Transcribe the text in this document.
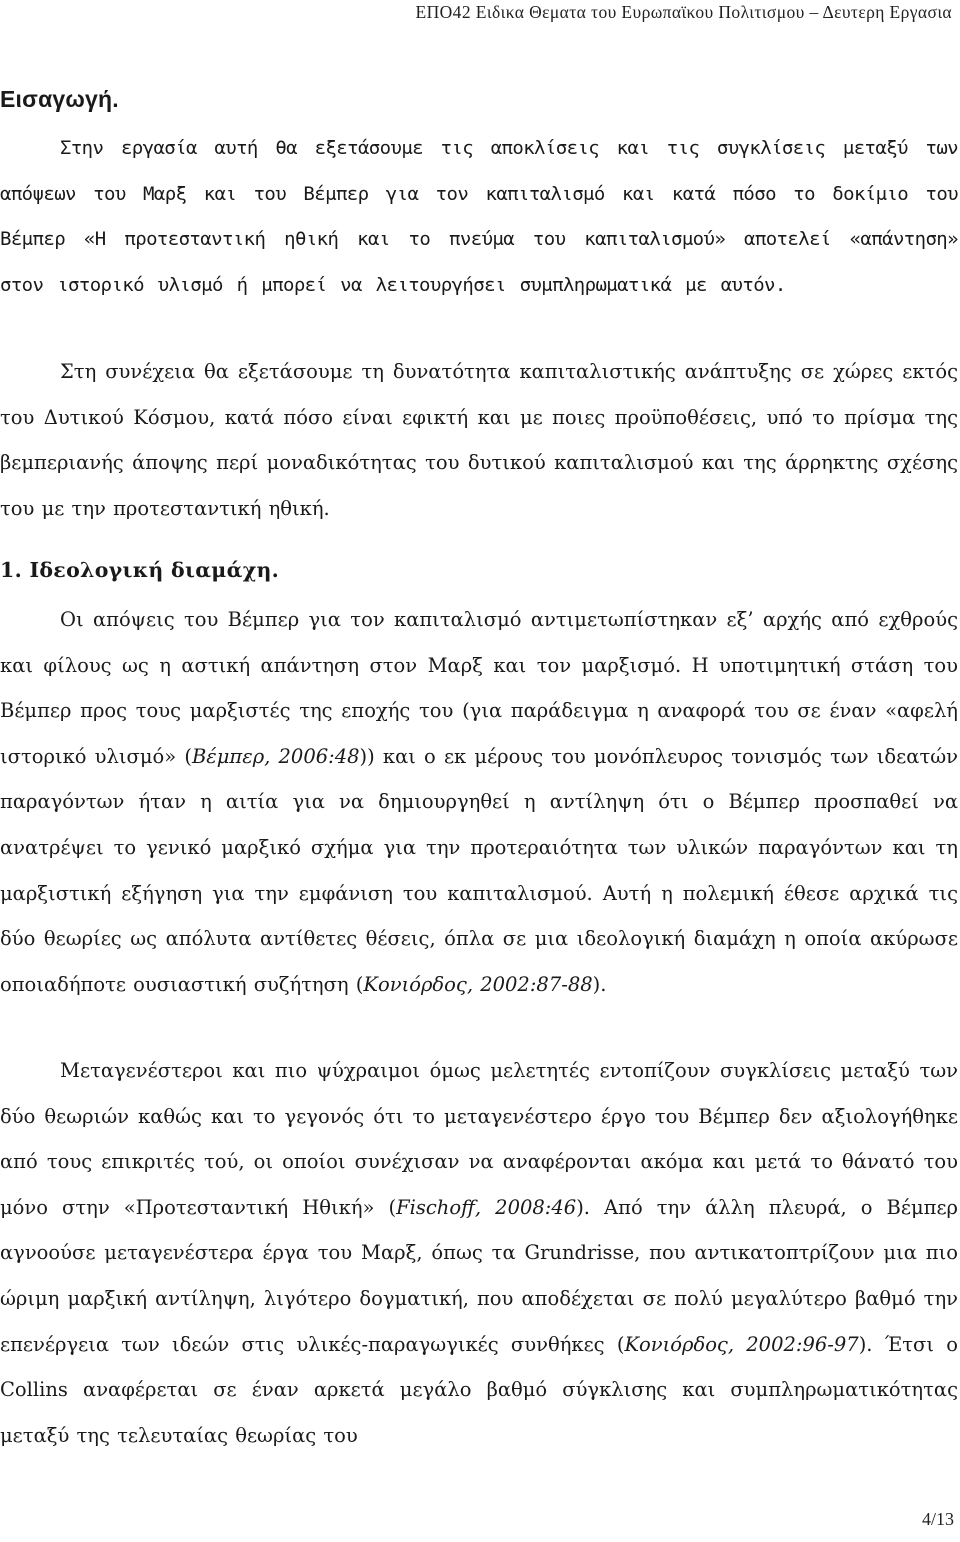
ΕΠΟ42 Ειδικα Θεματα του Ευρωπαϊκου Πολιτισμου – Δευτερη Εργασια
Εισαγωγή.

Στην εργασία αυτή θα εξετάσουμε τις αποκλίσεις και τις συγκλίσεις μεταξύ των απόψεων του Μαρξ και του Βέμπερ για τον καπιταλισμό και κατά πόσο το δοκίμιο του Βέμπερ «Η προτεσταντική ηθική και το πνεύμα του καπιταλισμού» αποτελεί «απάντηση» στον ιστορικό υλισμό ή μπορεί να λειτουργήσει συμπληρωματικά με αυτόν.

Στη συνέχεια θα εξετάσουμε τη δυνατότητα καπιταλιστικής ανάπτυξης σε χώρες εκτός του Δυτικού Κόσμου, κατά πόσο είναι εφικτή και με ποιες προϋποθέσεις, υπό το πρίσμα της βεμπεριανής άποψης περί μοναδικότητας του δυτικού καπιταλισμού και της άρρηκτης σχέσης του με την προτεσταντική ηθική.

1. Ιδεολογική διαμάχη.

Οι απόψεις του Βέμπερ για τον καπιταλισμό αντιμετωπίστηκαν εξ’ αρχής από εχθρούς και φίλους ως η αστική απάντηση στον Μαρξ και τον μαρξισμό. Η υποτιμητική στάση του Βέμπερ προς τους μαρξιστές της εποχής του (για παράδειγμα η αναφορά του σε έναν «αφελή ιστορικό υλισμό» (Βέμπερ, 2006:48)) και ο εκ μέρους του μονόπλευρος τονισμός των ιδεατών παραγόντων ήταν η αιτία για να δημιουργηθεί η αντίληψη ότι ο Βέμπερ προσπαθεί να ανατρέψει το γενικό μαρξικό σχήμα για την προτεραιότητα των υλικών παραγόντων και τη μαρξιστική εξήγηση για την εμφάνιση του καπιταλισμού. Αυτή η πολεμική έθεσε αρχικά τις δύο θεωρίες ως απόλυτα αντίθετες θέσεις, όπλα σε μια ιδεολογική διαμάχη η οποία ακύρωσε οποιαδήποτε ουσιαστική συζήτηση (Κονιόρδος, 2002:87-88).

Μεταγενέστεροι και πιο ψύχραιμοι όμως μελετητές εντοπίζουν συγκλίσεις μεταξύ των δύο θεωριών καθώς και το γεγονός ότι το μεταγενέστερο έργο του Βέμπερ δεν αξιολογήθηκε από τους επικριτές τού, οι οποίοι συνέχισαν να αναφέρονται ακόμα και μετά το θάνατό του μόνο στην «Προτεσταντική Ηθική» (Fischoff, 2008:46). Από την άλλη πλευρά, ο Βέμπερ αγνοούσε μεταγενέστερα έργα του Μαρξ, όπως τα Grundrisse, που αντικατοπτρίζουν μια πιο ώριμη μαρξική αντίληψη, λιγότερο δογματική, που αποδέχεται σε πολύ μεγαλύτερο βαθμό την επενέργεια των ιδεών στις υλικές-παραγωγικές συνθήκες (Κονιόρδος, 2002:96-97). Έτσι ο Collins αναφέρεται σε έναν αρκετά μεγάλο βαθμό σύγκλισης και συμπληρωματικότητας μεταξύ της τελευταίας θεωρίας του

4/13
